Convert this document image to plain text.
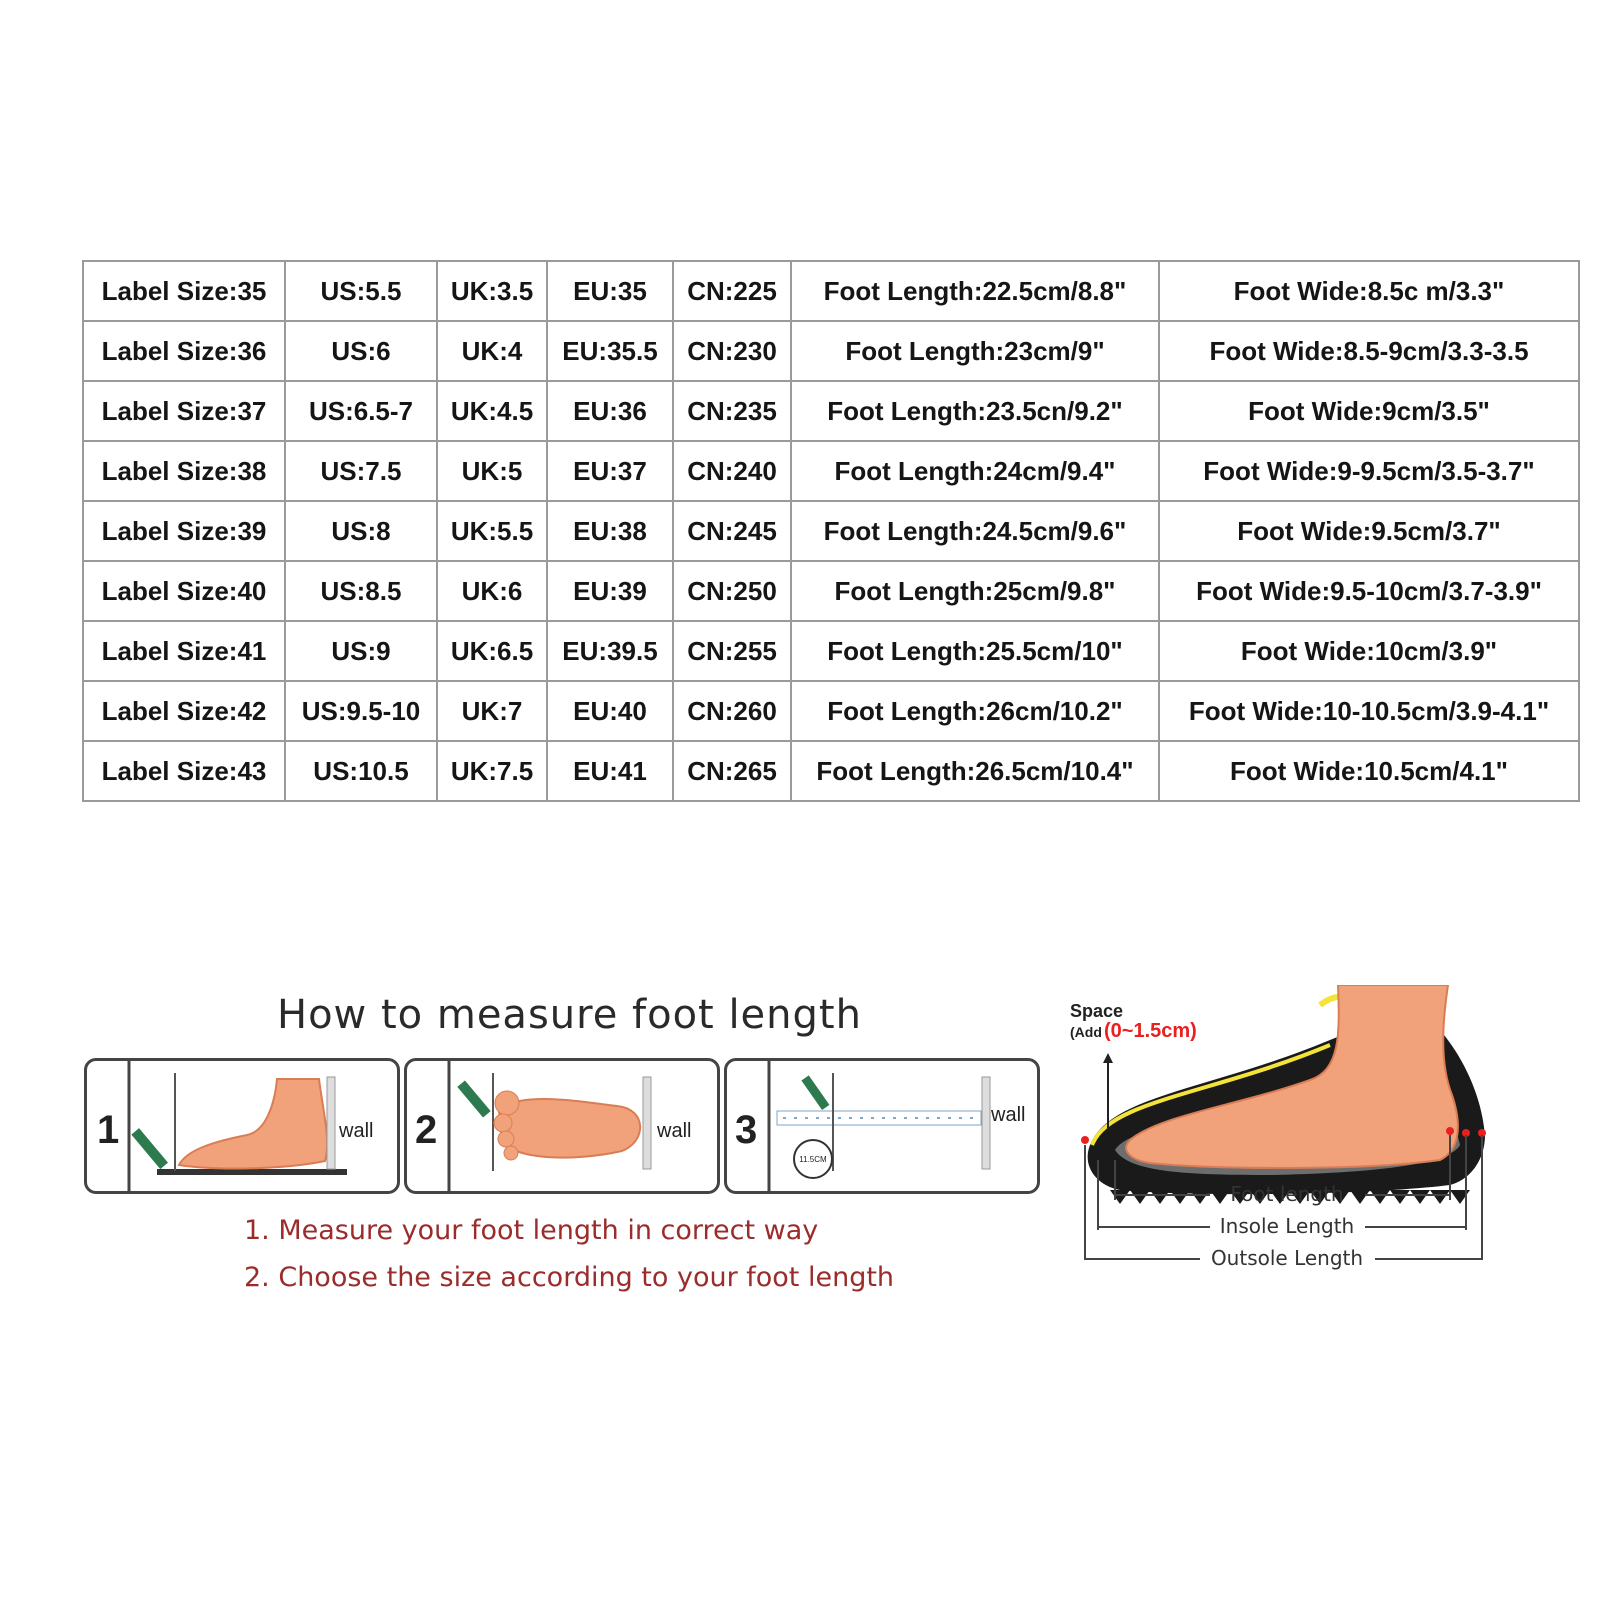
Label Size:35	US:5.5	UK:3.5	EU:35	CN:225	Foot Length:22.5cm/8.8"	Foot Wide:8.5c m/3.3"
Label Size:36	US:6	UK:4	EU:35.5	CN:230	Foot Length:23cm/9"	Foot Wide:8.5-9cm/3.3-3.5
Label Size:37	US:6.5-7	UK:4.5	EU:36	CN:235	Foot Length:23.5cn/9.2"	Foot Wide:9cm/3.5"
Label Size:38	US:7.5	UK:5	EU:37	CN:240	Foot Length:24cm/9.4"	Foot Wide:9-9.5cm/3.5-3.7"
Label Size:39	US:8	UK:5.5	EU:38	CN:245	Foot Length:24.5cm/9.6"	Foot Wide:9.5cm/3.7"
Label Size:40	US:8.5	UK:6	EU:39	CN:250	Foot Length:25cm/9.8"	Foot Wide:9.5-10cm/3.7-3.9"
Label Size:41	US:9	UK:6.5	EU:39.5	CN:255	Foot Length:25.5cm/10"	Foot Wide:10cm/3.9"
Label Size:42	US:9.5-10	UK:7	EU:40	CN:260	Foot Length:26cm/10.2"	Foot Wide:10-10.5cm/3.9-4.1"
Label Size:43	US:10.5	UK:7.5	EU:41	CN:265	Foot Length:26.5cm/10.4"	Foot Wide:10.5cm/4.1"
How to measure foot length
1	wall 2	wall 3
11.5CM
wall
1. Measure your foot length in correct way
2. Choose the size according to your foot length
Space
(Add (0~1.5cm)
Foot length
Insole Length
Outsole Length
